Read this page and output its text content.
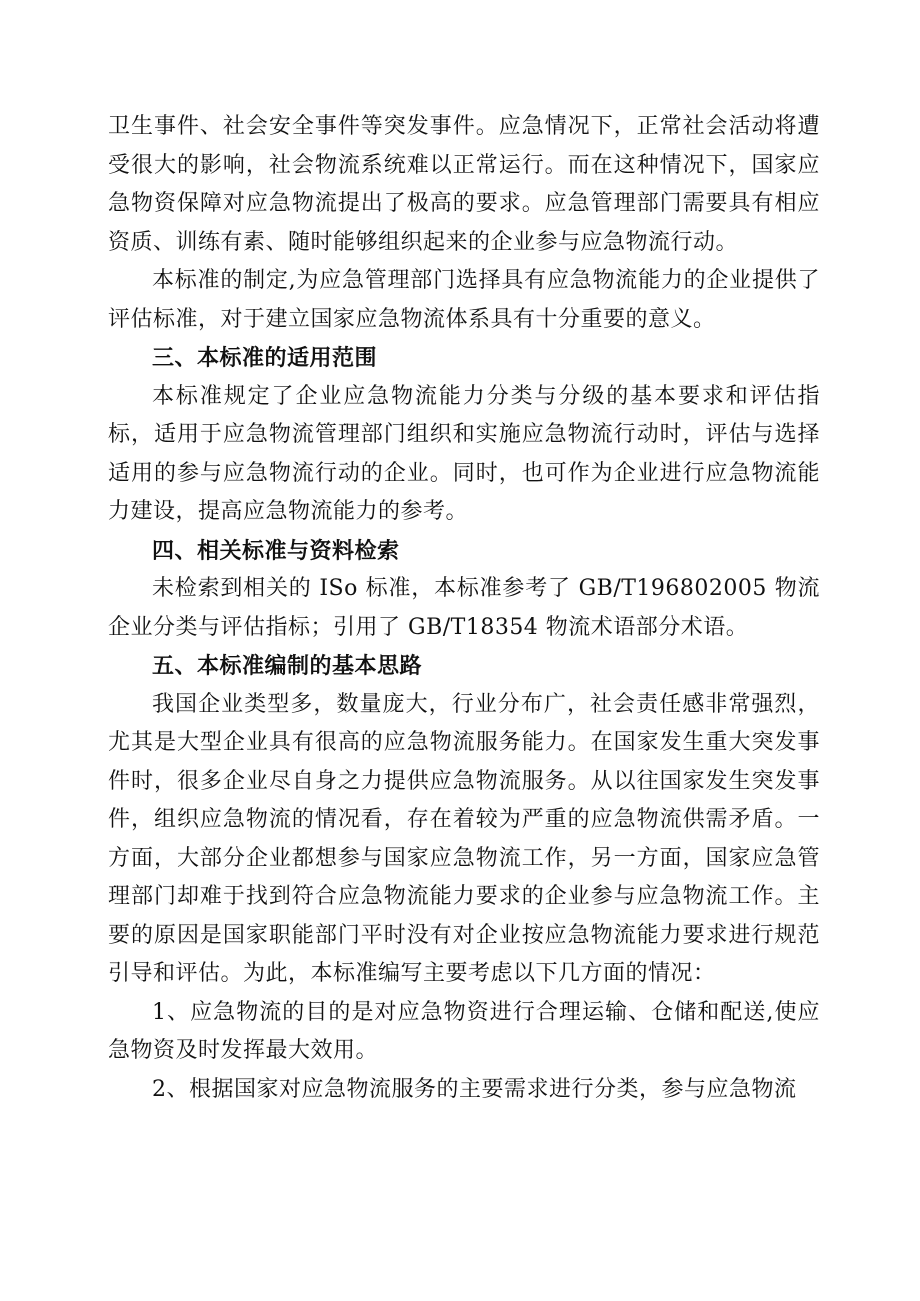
卫生事件、社会安全事件等突发事件。应急情况下，正常社会活动将遭受很大的影响，社会物流系统难以正常运行。而在这种情况下，国家应急物资保障对应急物流提出了极高的要求。应急管理部门需要具有相应资质、训练有素、随时能够组织起来的企业参与应急物流行动。

本标准的制定,为应急管理部门选择具有应急物流能力的企业提供了评估标准，对于建立国家应急物流体系具有十分重要的意义。

三、本标准的适用范围

本标准规定了企业应急物流能力分类与分级的基本要求和评估指标，适用于应急物流管理部门组织和实施应急物流行动时，评估与选择适用的参与应急物流行动的企业。同时，也可作为企业进行应急物流能力建设，提高应急物流能力的参考。

四、相关标准与资料检索

未检索到相关的 ISo 标准，本标准参考了 GB/T196802005 物流企业分类与评估指标；引用了 GB/T18354 物流术语部分术语。

五、本标准编制的基本思路

我国企业类型多，数量庞大，行业分布广，社会责任感非常强烈，尤其是大型企业具有很高的应急物流服务能力。在国家发生重大突发事件时，很多企业尽自身之力提供应急物流服务。从以往国家发生突发事件，组织应急物流的情况看，存在着较为严重的应急物流供需矛盾。一方面，大部分企业都想参与国家应急物流工作，另一方面，国家应急管理部门却难于找到符合应急物流能力要求的企业参与应急物流工作。主要的原因是国家职能部门平时没有对企业按应急物流能力要求进行规范引导和评估。为此，本标准编写主要考虑以下几方面的情况：

1、应急物流的目的是对应急物资进行合理运输、仓储和配送,使应急物资及时发挥最大效用。

2、根据国家对应急物流服务的主要需求进行分类，参与应急物流
